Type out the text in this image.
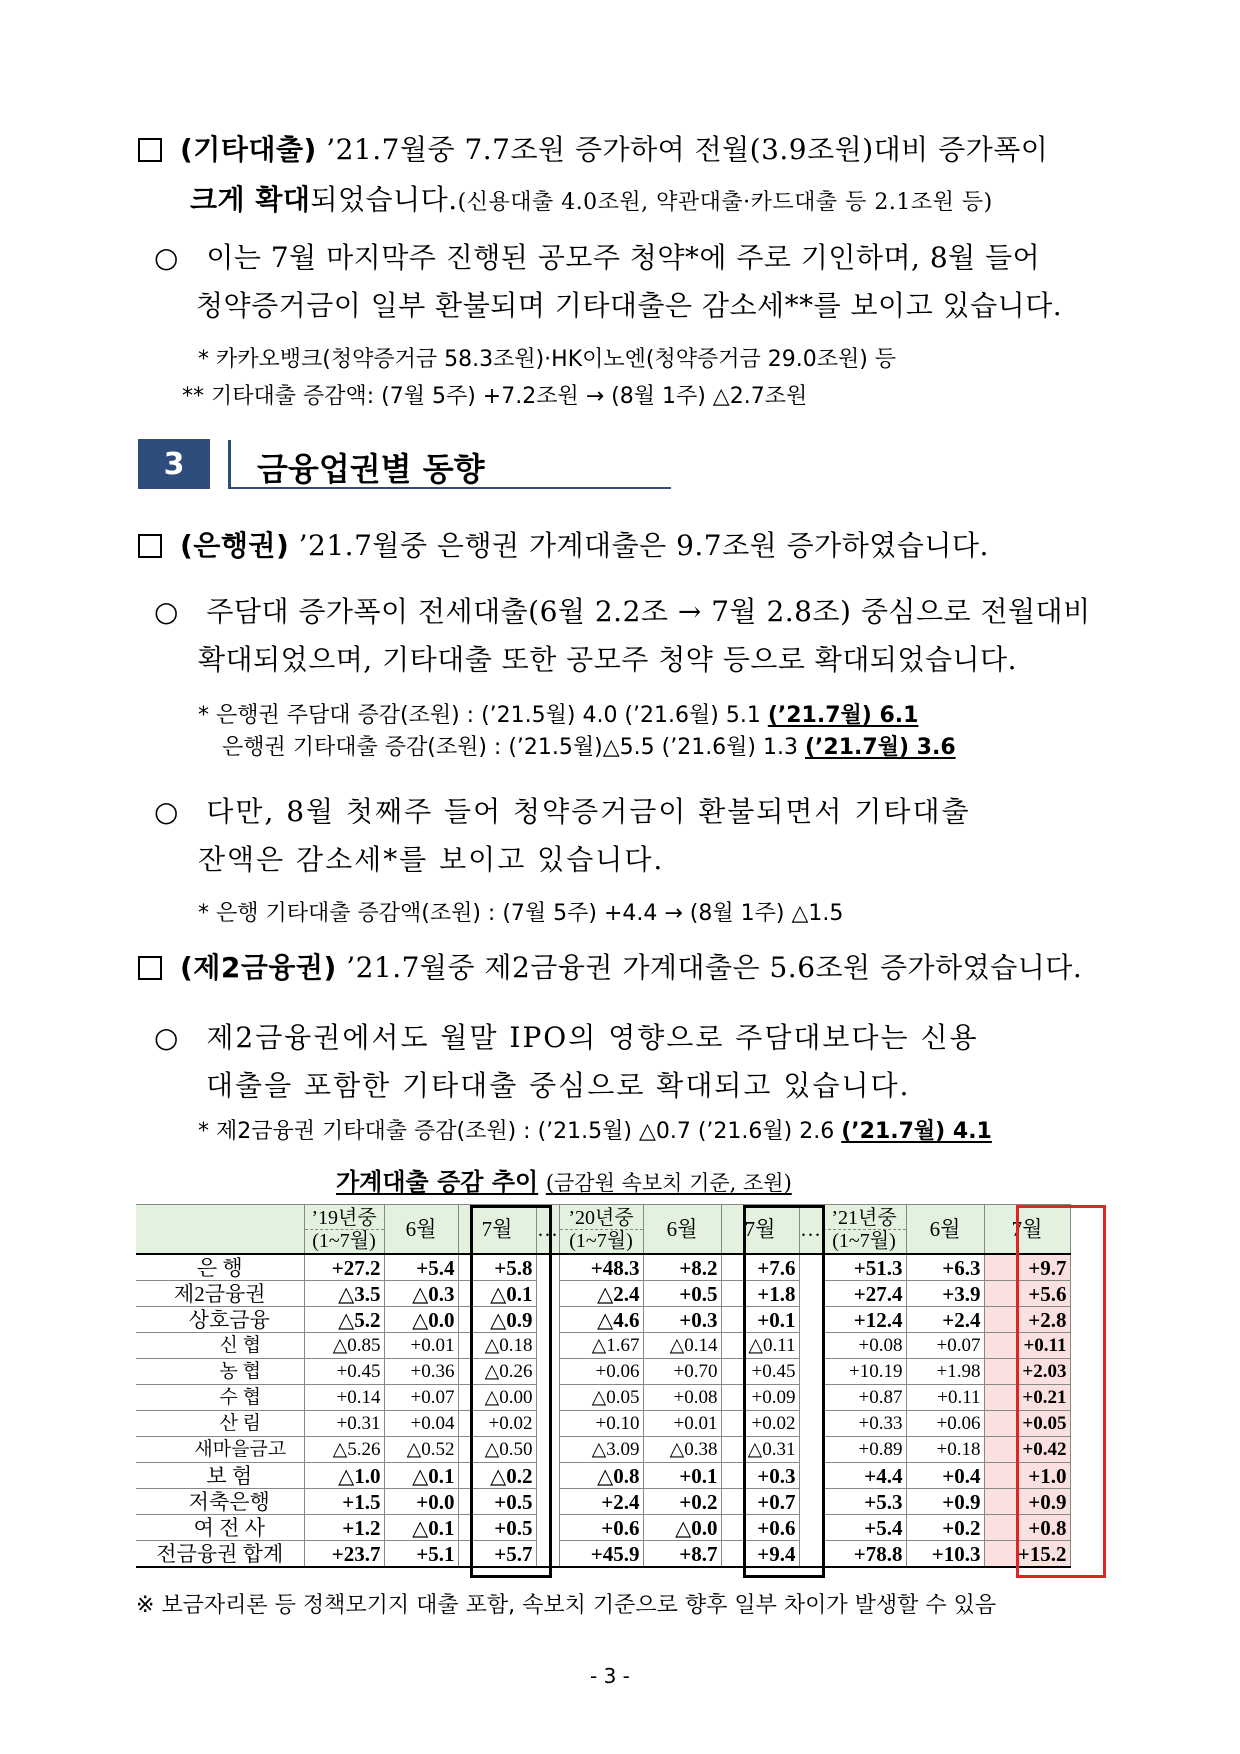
(기타대출) ’21.7월중 7.7조원 증가하여 전월(3.9조원)대비 증가폭이
크게 확대되었습니다.(신용대출 4.0조원, 약관대출·카드대출 등 2.1조원 등)
○ 이는 7월 마지막주 진행된 공모주 청약*에 주로 기인하며, 8월 들어
청약증거금이 일부 환불되며 기타대출은 감소세**를 보이고 있습니다.
* 카카오뱅크(청약증거금 58.3조원)·HK이노엔(청약증거금 29.0조원) 등
** 기타대출 증감액: (7월 5주) +7.2조원 → (8월 1주) △2.7조원
3	금융업권별 동향
(은행권) ’21.7월중 은행권 가계대출은 9.7조원 증가하였습니다.
○ 주담대 증가폭이 전세대출(6월 2.2조 → 7월 2.8조) 중심으로 전월대비
확대되었으며, 기타대출 또한 공모주 청약 등으로 확대되었습니다.
* 은행권 주담대 증감(조원) : (’21.5월) 4.0 (’21.6월) 5.1 (’21.7월) 6.1
은행권 기타대출 증감(조원) : (’21.5월)△5.5 (’21.6월) 1.3 (’21.7월) 3.6
○ 다만, 8월 첫째주 들어 청약증거금이 환불되면서 기타대출
잔액은 감소세*를 보이고 있습니다.
* 은행 기타대출 증감액(조원) : (7월 5주) +4.4 → (8월 1주) △1.5
(제2금융권) ’21.7월중 제2금융권 가계대출은 5.6조원 증가하였습니다.
○ 제2금융권에서도 월말 IPO의 영향으로 주담대보다는 신용
대출을 포함한 기타대출 중심으로 확대되고 있습니다.
* 제2금융권 기타대출 증감(조원) : (’21.5월) △0.7 (’21.6월) 2.6 (’21.7월) 4.1
가계대출 증감 추이 (금감원 속보치 기준, 조원)

	’19년중
(1~7월)	6월	7월	…	’20년중
(1~7월)	6월	7월	…	’21년중
(1~7월)	6월	7월
은 행	+27.2	+5.4	+5.8		+48.3	+8.2	+7.6		+51.3	+6.3	+9.7
제2금융권	△3.5	△0.3	△0.1		△2.4	+0.5	+1.8		+27.4	+3.9	+5.6
상호금융	△5.2	△0.0	△0.9		△4.6	+0.3	+0.1		+12.4	+2.4	+2.8
신 협	△0.85	+0.01	△0.18		△1.67	△0.14	△0.11		+0.08	+0.07	+0.11
농 협	+0.45	+0.36	△0.26		+0.06	+0.70	+0.45		+10.19	+1.98	+2.03
수 협	+0.14	+0.07	△0.00		△0.05	+0.08	+0.09		+0.87	+0.11	+0.21
산 림	+0.31	+0.04	+0.02		+0.10	+0.01	+0.02		+0.33	+0.06	+0.05
새마을금고	△5.26	△0.52	△0.50		△3.09	△0.38	△0.31		+0.89	+0.18	+0.42
보 험	△1.0	△0.1	△0.2		△0.8	+0.1	+0.3		+4.4	+0.4	+1.0
저축은행	+1.5	+0.0	+0.5		+2.4	+0.2	+0.7		+5.3	+0.9	+0.9
여 전 사	+1.2	△0.1	+0.5		+0.6	△0.0	+0.6		+5.4	+0.2	+0.8
전금융권 합계	+23.7	+5.1	+5.7		+45.9	+8.7	+9.4		+78.8	+10.3	+15.2
※ 보금자리론 등 정책모기지 대출 포함, 속보치 기준으로 향후 일부 차이가 발생할 수 있음
- 3 -
